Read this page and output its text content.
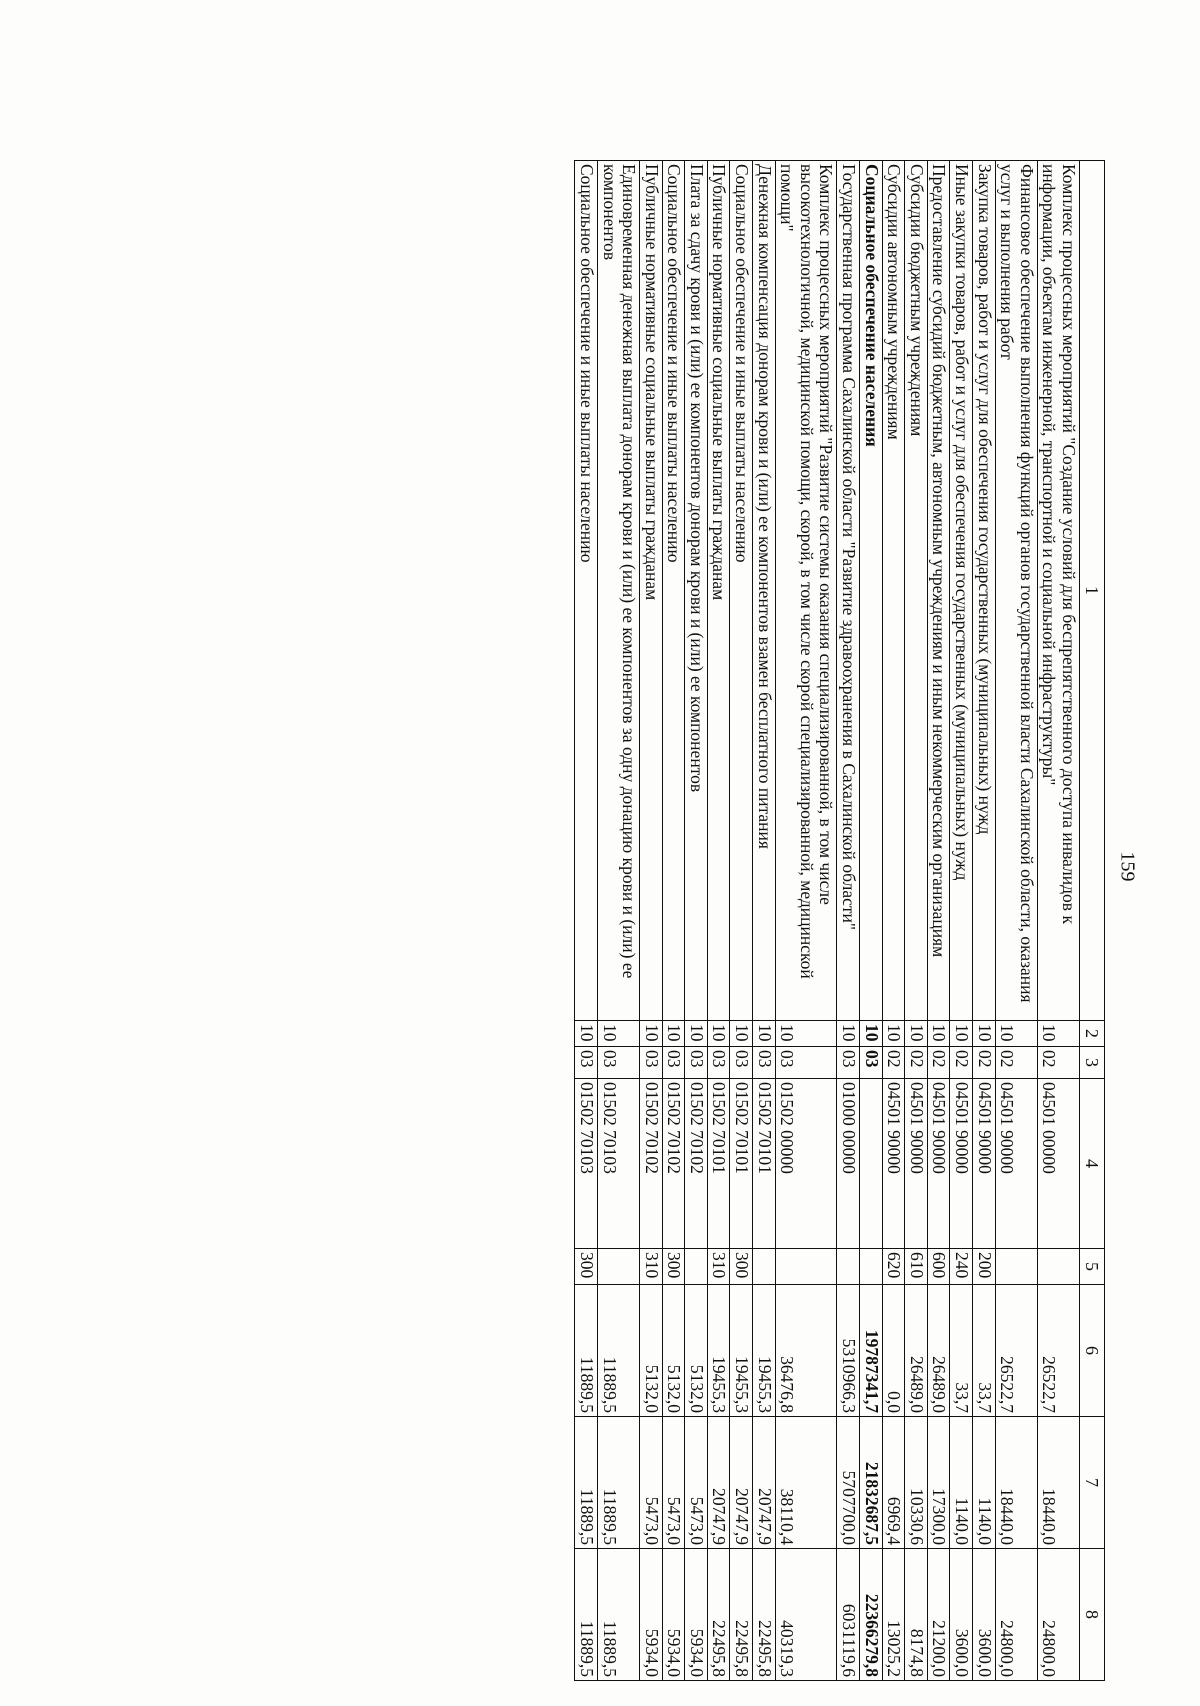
159
1	2	3	4	5	6	7	8
Комплекс процессных мероприятий "Создание условий для беспрепятственного доступа инвалидов к информации, объектам инженерной, транспортной и социальной инфраструктуры"	10	02	04501 00000		26522,7	18440,0	24800,0
Финансовое обеспечение выполнения функций органов государственной власти Сахалинской области, оказания услуг и выполнения работ	10	02	04501 90000		26522,7	18440,0	24800,0
Закупка товаров, работ и услуг для обеспечения государственных (муниципальных) нужд	10	02	04501 90000	200	33,7	1140,0	3600,0
Иные закупки товаров, работ и услуг для обеспечения государственных (муниципальных) нужд	10	02	04501 90000	240	33,7	1140,0	3600,0
Предоставление субсидий бюджетным, автономным учреждениям и иным некоммерческим организациям	10	02	04501 90000	600	26489,0	17300,0	21200,0
Субсидии бюджетным учреждениям	10	02	04501 90000	610	26489,0	10330,6	8174,8
Субсидии автономным учреждениям	10	02	04501 90000	620	0,0	6969,4	13025,2
Социальное обеспечение населения	10	03			19787341,7	21832687,5	22366279,8
Государственная программа Сахалинской области "Развитие здравоохранения в Сахалинской области"	10	03	01000 00000		5310966,3	5707700,0	6031119,6
Комплекс процессных мероприятий "Развитие системы оказания специализированной, в том числе высокотехнологичной, медицинской помощи, скорой, в том числе скорой специализированной, медицинской помощи"	10	03	01502 00000		36476,8	38110,4	40319,3
Денежная компенсация донорам крови и (или) ее компонентов взамен бесплатного питания	10	03	01502 70101		19455,3	20747,9	22495,8
Социальное обеспечение и иные выплаты населению	10	03	01502 70101	300	19455,3	20747,9	22495,8
Публичные нормативные социальные выплаты гражданам	10	03	01502 70101	310	19455,3	20747,9	22495,8
Плата за сдачу крови и (или) ее компонентов донорам крови и (или) ее компонентов	10	03	01502 70102		5132,0	5473,0	5934,0
Социальное обеспечение и иные выплаты населению	10	03	01502 70102	300	5132,0	5473,0	5934,0
Публичные нормативные социальные выплаты гражданам	10	03	01502 70102	310	5132,0	5473,0	5934,0
Единовременная денежная выплата донорам крови и (или) ее компонентов за одну донацию крови и (или) ее компонентов	10	03	01502 70103		11889,5	11889,5	11889,5
Социальное обеспечение и иные выплаты населению	10	03	01502 70103	300	11889,5	11889,5	11889,5
